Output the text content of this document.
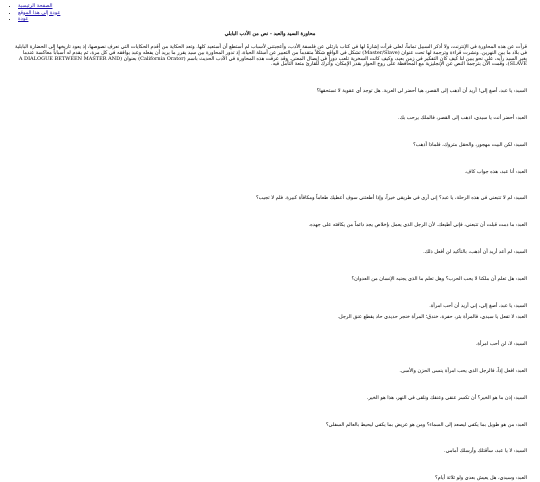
• الصفحة الرئيسية
• عودة إلى هذا الموقع
• عودة
محاورة السيد والعبد - نص من الأدب البابلي

قرأت عن هذه المحاورة في الإنترنت، ولا أذكر السبيل تماماً، لعلي قرأت إشارةً لها في كتاب بارثلي عن فلسفة الأدب، وأعجبتني لأسباب لم أستطع أن أستعيد كلها. وتعد الحكاية من أقدم الحكايات التي نعرف نصوصها، إذ يعود تاريخها إلى الحضارة البابلية في بلاد ما بين النهرين. ونشرت قراءة وترجمة لها تحت عنوان (Master/Slave) تشكل في الواقع شكلاً متقدماً من التعبير عن أسئلة الحياة، إذ تدور المحاورة بين سيد يقرر ما يريد أن يفعله وعبد يوافقه في كل مرة، ثم يقدم له أسباباً معاكسة عندما يغير السيد رأيه، على نحو يبين لنا كيف كان التفكير في زمن بعيد، وكيف كانت السخرية تلعب دوراً في إيصال المعنى. وقد عرفت هذه المحاورة في الأدب الحديث باسم (California Orator) بعنوان (A DIALOGUE BETWEEN MASTER AND SLAVE)، وقمت الآن بترجمة النص عن الإنجليزية مع المحافظة على روح الحوار بقدر الإمكان، وأترك للقارئ متعة التأمل فيه.

السيد: يا عبد، أصغ إلي! أريد أن أذهب إلى القصر، هيا أحضر لي العربة. هل توجد أي عقوبة لا تستحقها؟

العبد: أحضر أنت يا سيدي، اذهب إلى القصر، فالملك يرحب بك.

السيد: لكن البيت مهجور، والحقل متروك، فلماذا أذهب؟

العبد: أنا عبد، هذه جواب كاف.

السيد: لم لا تتبعني في هذه الرحلة، يا عبد؟ إني أرى في طريقي خيراً، وإذا أطعتني سوف أعطيك طعاماً ومكافأة كبيرة. فلم لا تجيب؟

العبد: ما دمت قبلت أن تتبعني، فإني أطيعك. لأن الرجل الذي يعمل بإخلاص يجد دائماً من يكافئه على جهده.

السيد: لم أعد أريد أن أذهب، بالتأكيد لن أفعل ذلك.

العبد: هل تعلم أن ملكنا لا يحب الحرب؟ وهل تعلم ما الذي يجنيه الإنسان من العدوان؟

السيد: يا عبد، أصغ إلي، إني أريد أن أحب امرأة.

العبد: لا تفعل يا سيدي، فالمرأة بئر، حفرة، خندق؛ المرأة خنجر حديدي حاد يقطع عنق الرجل.

السيد: لا، لن أحب امرأة.

العبد: افعل إذاً، فالرجل الذي يحب امرأة ينسى الحزن والأسى.

السيد: إذن ما هو الخير؟ أن تكسر عنقي وعنقك ونلقى في النهر، هذا هو الخير.

العبد: من هو طويل بما يكفي ليصعد إلى السماء؟ ومن هو عريض بما يكفي ليحيط بالعالم السفلي؟

السيد: لا يا عبد، سأقتلك وأرسلك أمامي.

العبد: وسيدي، هل يعيش بعدي ولو ثلاثة أيام؟
